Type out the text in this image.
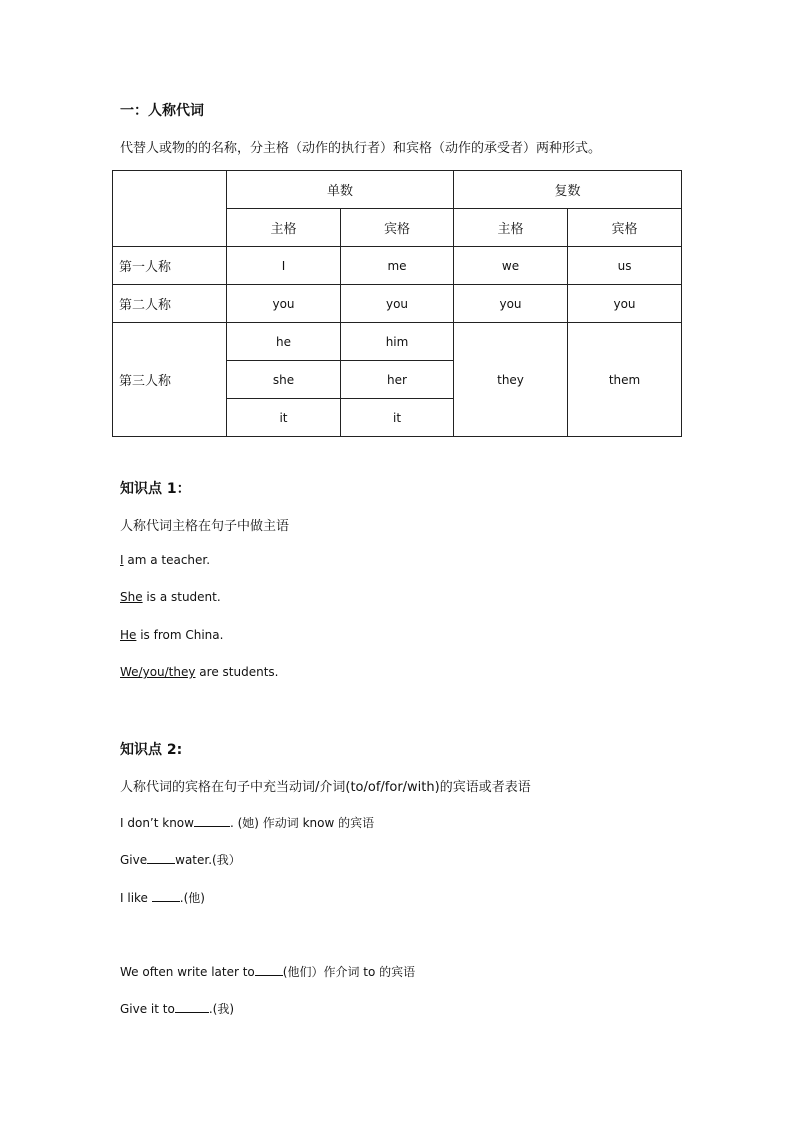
一：人称代词
代替人或物的的名称，分主格（动作的执行者）和宾格（动作的承受者）两种形式。
	单数		复数	
	主格	宾格	主格	宾格
第一人称	I	me	we	us
第二人称	you	you	you	you
第三人称	he	him	they	them
	she	her		
	it	it		
知识点 1：
人称代词主格在句子中做主语
I am a teacher.
She is a student.
He is from China.
We/you/they are students.
知识点 2:
人称代词的宾格在句子中充当动词/介词(to/of/for/with)的宾语或者表语
I don’t know	. (她) 作动词 know 的宾语
Give water.(我）
I like .(他)
We often write later to (他们）作介词 to 的宾语
Give it to	.(我)
